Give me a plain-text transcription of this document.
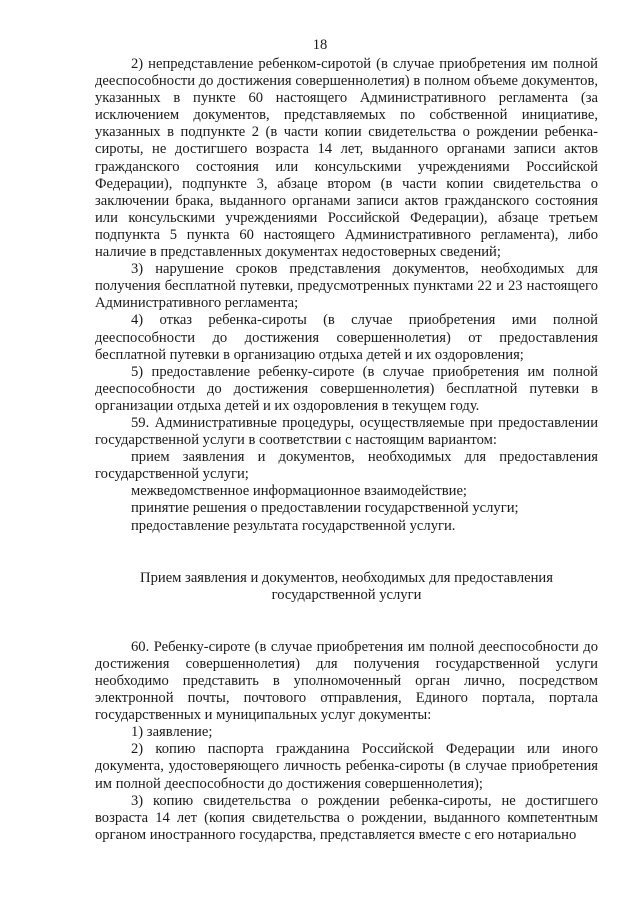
18

2) непредставление ребенком-сиротой (в случае приобретения им полной дееспособности до достижения совершеннолетия) в полном объеме документов, указанных в пункте 60 настоящего Административного регламента (за исключением документов, представляемых по собственной инициативе, указанных в подпункте 2 (в части копии свидетельства о рождении ребенка-сироты, не достигшего возраста 14 лет, выданного органами записи актов гражданского состояния или консульскими учреждениями Российской Федерации), подпункте 3, абзаце втором (в части копии свидетельства о заключении брака, выданного органами записи актов гражданского состояния или консульскими учреждениями Российской Федерации), абзаце третьем подпункта 5 пункта 60 настоящего Административного регламента), либо наличие в представленных документах недостоверных сведений;

3) нарушение сроков представления документов, необходимых для получения бесплатной путевки, предусмотренных пунктами 22 и 23 настоящего Административного регламента;

4) отказ ребенка-сироты (в случае приобретения ими полной дееспособности до достижения совершеннолетия) от предоставления бесплатной путевки в организацию отдыха детей и их оздоровления;

5) предоставление ребенку-сироте (в случае приобретения им полной дееспособности до достижения совершеннолетия) бесплатной путевки в организации отдыха детей и их оздоровления в текущем году.

59. Административные процедуры, осуществляемые при предоставлении государственной услуги в соответствии с настоящим вариантом:

прием заявления и документов, необходимых для предоставления государственной услуги;

межведомственное информационное взаимодействие;

принятие решения о предоставлении государственной услуги;

предоставление результата государственной услуги.

Прием заявления и документов, необходимых для предоставления

государственной услуги

60. Ребенку-сироте (в случае приобретения им полной дееспособности до достижения совершеннолетия) для получения государственной услуги необходимо представить в уполномоченный орган лично, посредством электронной почты, почтового отправления, Единого портала, портала государственных и муниципальных услуг документы:

1) заявление;

2) копию паспорта гражданина Российской Федерации или иного документа, удостоверяющего личность ребенка-сироты (в случае приобретения им полной дееспособности до достижения совершеннолетия);

3) копию свидетельства о рождении ребенка-сироты, не достигшего возраста 14 лет (копия свидетельства о рождении, выданного компетентным органом иностранного государства, представляется вместе с его нотариально
